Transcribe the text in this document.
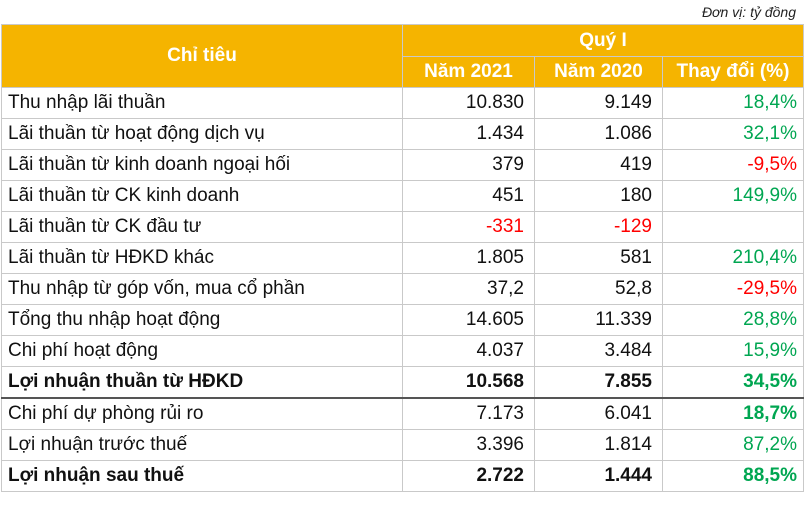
Đơn vị: tỷ đồng
Chỉ tiêu	Quý I		
	Năm 2021	Năm 2020	Thay đổi (%)
Thu nhập lãi thuần	10.830	9.149	18,4%
Lãi thuần từ hoạt động dịch vụ	1.434	1.086	32,1%
Lãi thuần từ kinh doanh ngoại hối	379	419	-9,5%
Lãi thuần từ CK kinh doanh	451	180	149,9%
Lãi thuần từ CK đầu tư	-331	-129	
Lãi thuần từ HĐKD khác	1.805	581	210,4%
Thu nhập từ góp vốn, mua cổ phần	37,2	52,8	-29,5%
Tổng thu nhập hoạt động	14.605	11.339	28,8%
Chi phí hoạt động	4.037	3.484	15,9%
Lợi nhuận thuần từ HĐKD	10.568	7.855	34,5%
Chi phí dự phòng rủi ro	7.173	6.041	18,7%
Lợi nhuận trước thuế	3.396	1.814	87,2%
Lợi nhuận sau thuế	2.722	1.444	88,5%
